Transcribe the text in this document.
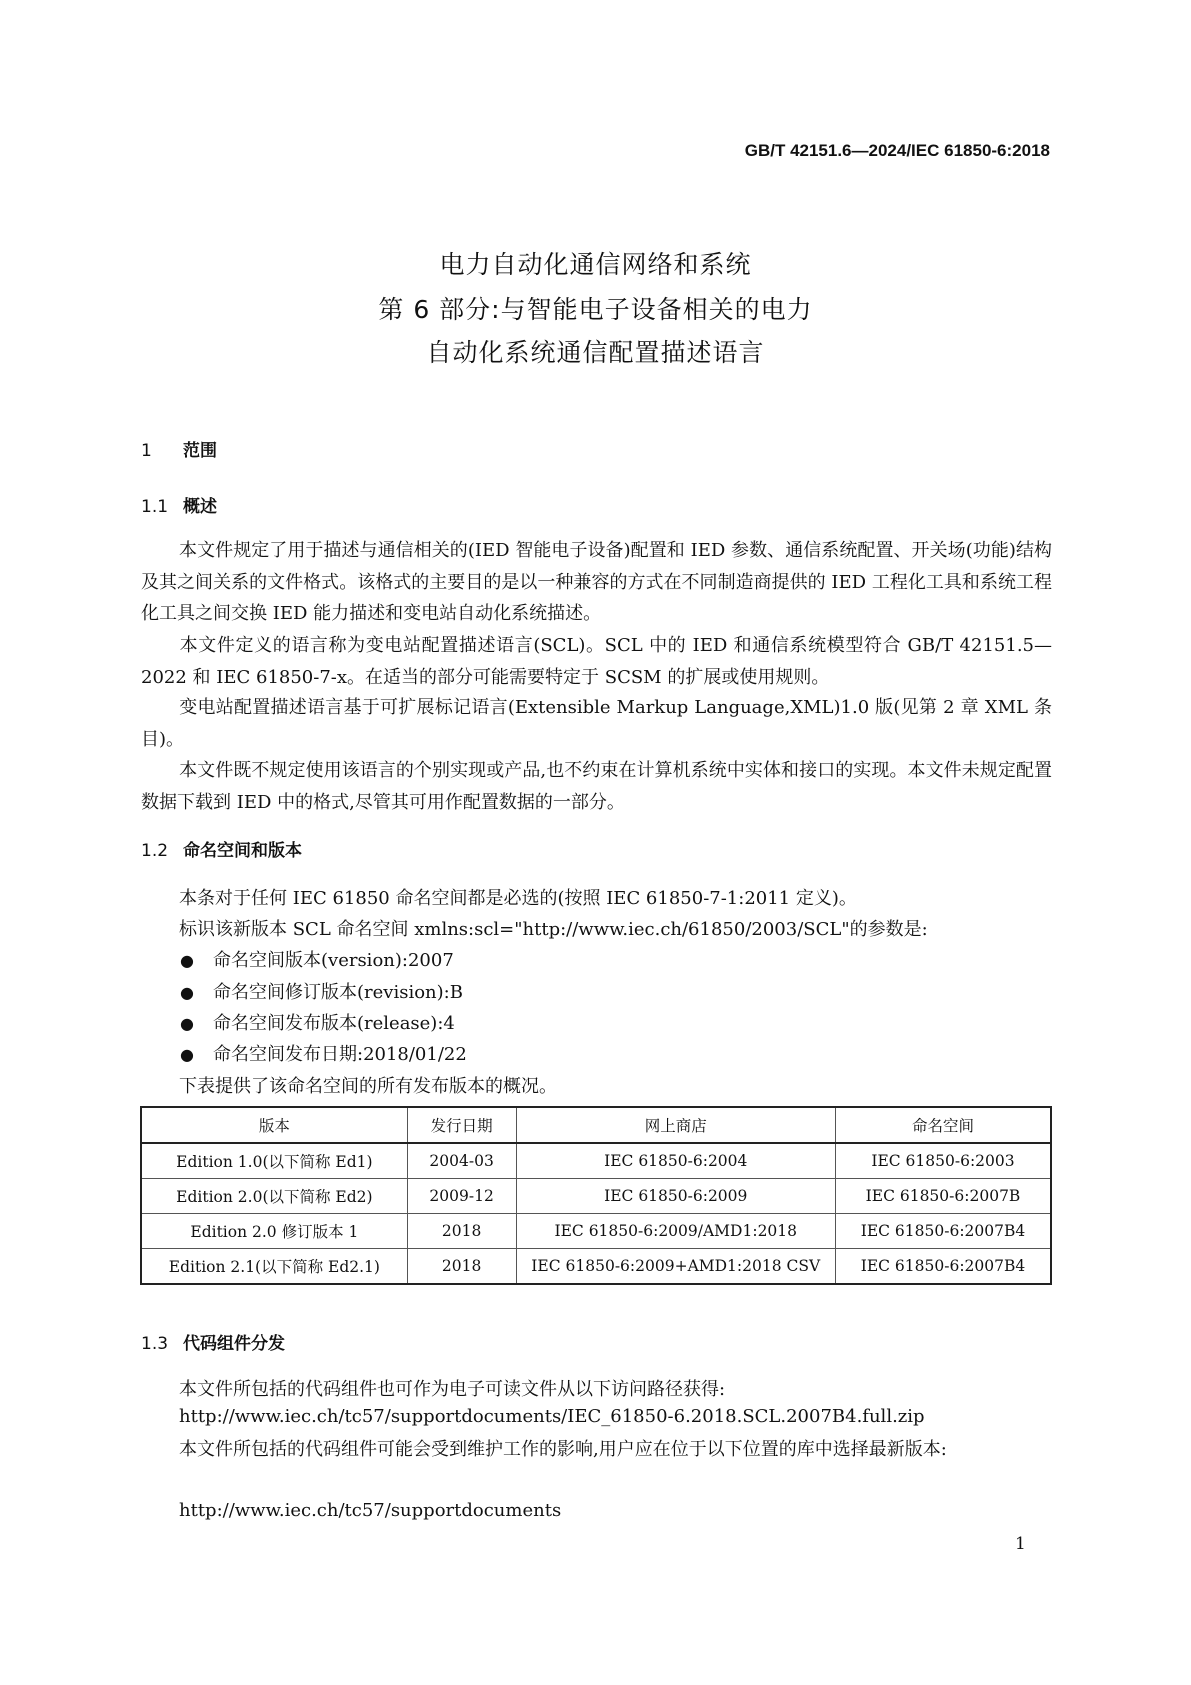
GB/T 42151.6—2024/IEC 61850-6:2018
电力自动化通信网络和系统
第 6 部分:与智能电子设备相关的电力
自动化系统通信配置描述语言
1 范围
1.1 概述
本文件规定了用于描述与通信相关的(IED 智能电子设备)配置和 IED 参数、通信系统配置、开关场(功能)结构及其之间关系的文件格式。该格式的主要目的是以一种兼容的方式在不同制造商提供的 IED 工程化工具和系统工程化工具之间交换 IED 能力描述和变电站自动化系统描述。
本文件定义的语言称为变电站配置描述语言(SCL)。SCL 中的 IED 和通信系统模型符合 GB/T 42151.5—2022 和 IEC 61850-7-x。在适当的部分可能需要特定于 SCSM 的扩展或使用规则。
变电站配置描述语言基于可扩展标记语言(Extensible Markup Language,XML)1.0 版(见第 2 章 XML 条目)。
本文件既不规定使用该语言的个别实现或产品,也不约束在计算机系统中实体和接口的实现。本文件未规定配置数据下载到 IED 中的格式,尽管其可用作配置数据的一部分。
1.2 命名空间和版本
本条对于任何 IEC 61850 命名空间都是必选的(按照 IEC 61850-7-1:2011 定义)。
标识该新版本 SCL 命名空间 xmlns:scl="http://www.iec.ch/61850/2003/SCL"的参数是:
● 命名空间版本(version):2007
● 命名空间修订版本(revision):B
● 命名空间发布版本(release):4
● 命名空间发布日期:2018/01/22
下表提供了该命名空间的所有发布版本的概况。
版本	发行日期	网上商店	命名空间
Edition 1.0(以下简称 Ed1)	2004-03	IEC 61850-6:2004	IEC 61850-6:2003
Edition 2.0(以下简称 Ed2)	2009-12	IEC 61850-6:2009	IEC 61850-6:2007B
Edition 2.0 修订版本 1	2018	IEC 61850-6:2009/AMD1:2018	IEC 61850-6:2007B4
Edition 2.1(以下简称 Ed2.1)	2018	IEC 61850-6:2009+AMD1:2018 CSV	IEC 61850-6:2007B4
1.3 代码组件分发
本文件所包括的代码组件也可作为电子可读文件从以下访问路径获得:
http://www.iec.ch/tc57/supportdocuments/IEC_61850-6.2018.SCL.2007B4.full.zip
本文件所包括的代码组件可能会受到维护工作的影响,用户应在位于以下位置的库中选择最新版本:
http://www.iec.ch/tc57/supportdocuments
1
